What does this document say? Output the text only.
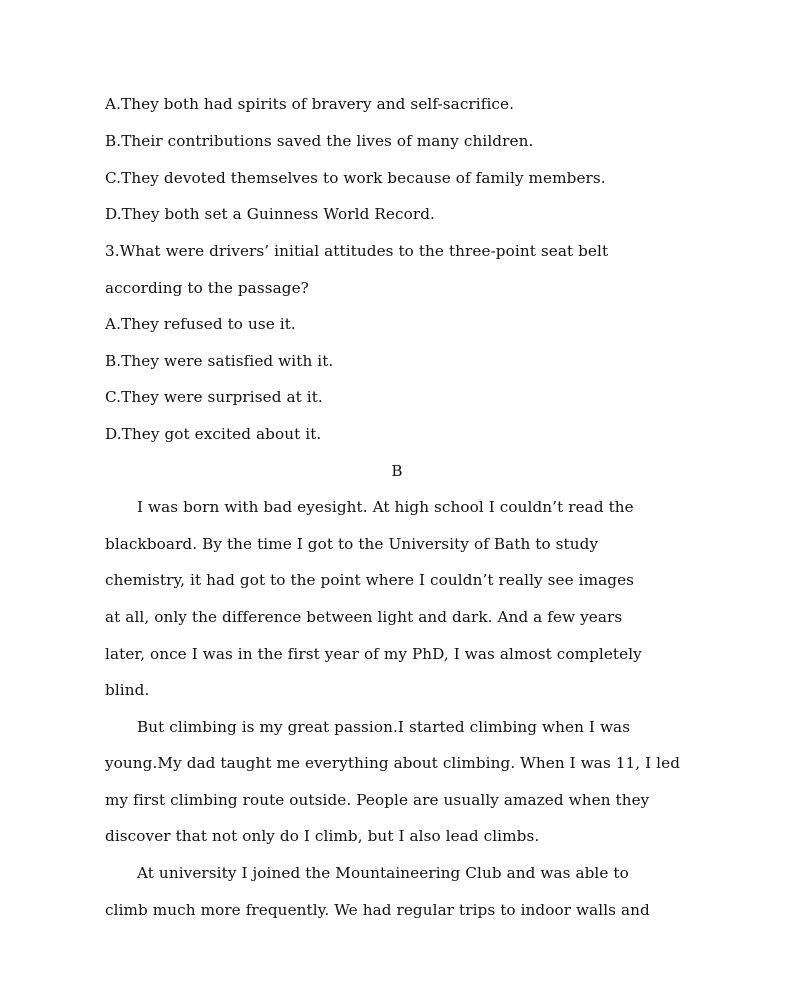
A.They both had spirits of bravery and self-sacrifice.
B.Their contributions saved the lives of many children.
C.They devoted themselves to work because of family members.
D.They both set a Guinness World Record.
3.What were drivers’ initial attitudes to the three-point seat belt
according to the passage?
A.They refused to use it.
B.They were satisfied with it.
C.They were surprised at it.
D.They got excited about it.
B
I was born with bad eyesight. At high school I couldn’t read the
blackboard. By the time I got to the University of Bath to study
chemistry, it had got to the point where I couldn’t really see images
at all, only the difference between light and dark. And a few years
later, once I was in the first year of my PhD, I was almost completely
blind.
But climbing is my great passion.I started climbing when I was
young.My dad taught me everything about climbing. When I was 11, I led
my first climbing route outside. People are usually amazed when they
discover that not only do I climb, but I also lead climbs.
At university I joined the Mountaineering Club and was able to
climb much more frequently. We had regular trips to indoor walls and
